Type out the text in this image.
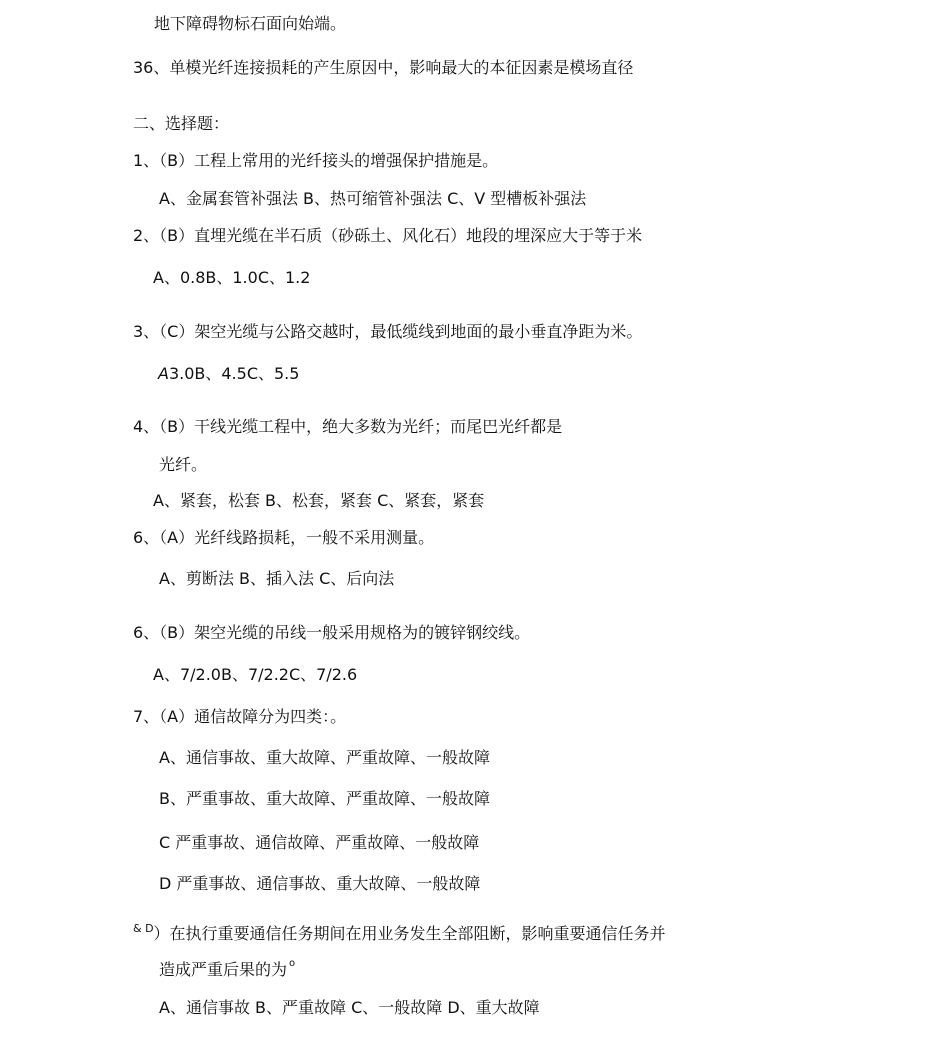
地下障碍物标石面向始端。
36、单模光纤连接损耗的产生原因中，影响最大的本征因素是模场直径
二、选择题：
1、（B）工程上常用的光纤接头的增强保护措施是。
A、金属套管补强法 B、热可缩管补强法 C、V 型槽板补强法
2、（B）直埋光缆在半石质（砂砾土、风化石）地段的埋深应大于等于米
A、0.8B、1.0C、1.2
3、（C）架空光缆与公路交越时，最低缆线到地面的最小垂直净距为米。
A3.0B、4.5C、5.5
4、（B）干线光缆工程中，绝大多数为光纤；而尾巴光纤都是
光纤。
A、紧套，松套 B、松套，紧套 C、紧套，紧套
6、（A）光纤线路损耗，一般不采用测量。
A、剪断法 B、插入法 C、后向法
6、（B）架空光缆的吊线一般采用规格为的镀锌钢绞线。
A、7/2.0B、7/2.2C、7/2.6
7、（A）通信故障分为四类：。
A、通信事故、重大故障、严重故障、一般故障
B、严重事故、重大故障、严重故障、一般故障
C 严重事故、通信故障、严重故障、一般故障
D 严重事故、通信事故、重大故障、一般故障
$^{\& D}$）在执行重要通信任务期间在用业务发生全部阻断，影响重要通信任务并
造成严重后果的为 $^o$
A、通信事故 B、严重故障 C、一般故障 D、重大故障
